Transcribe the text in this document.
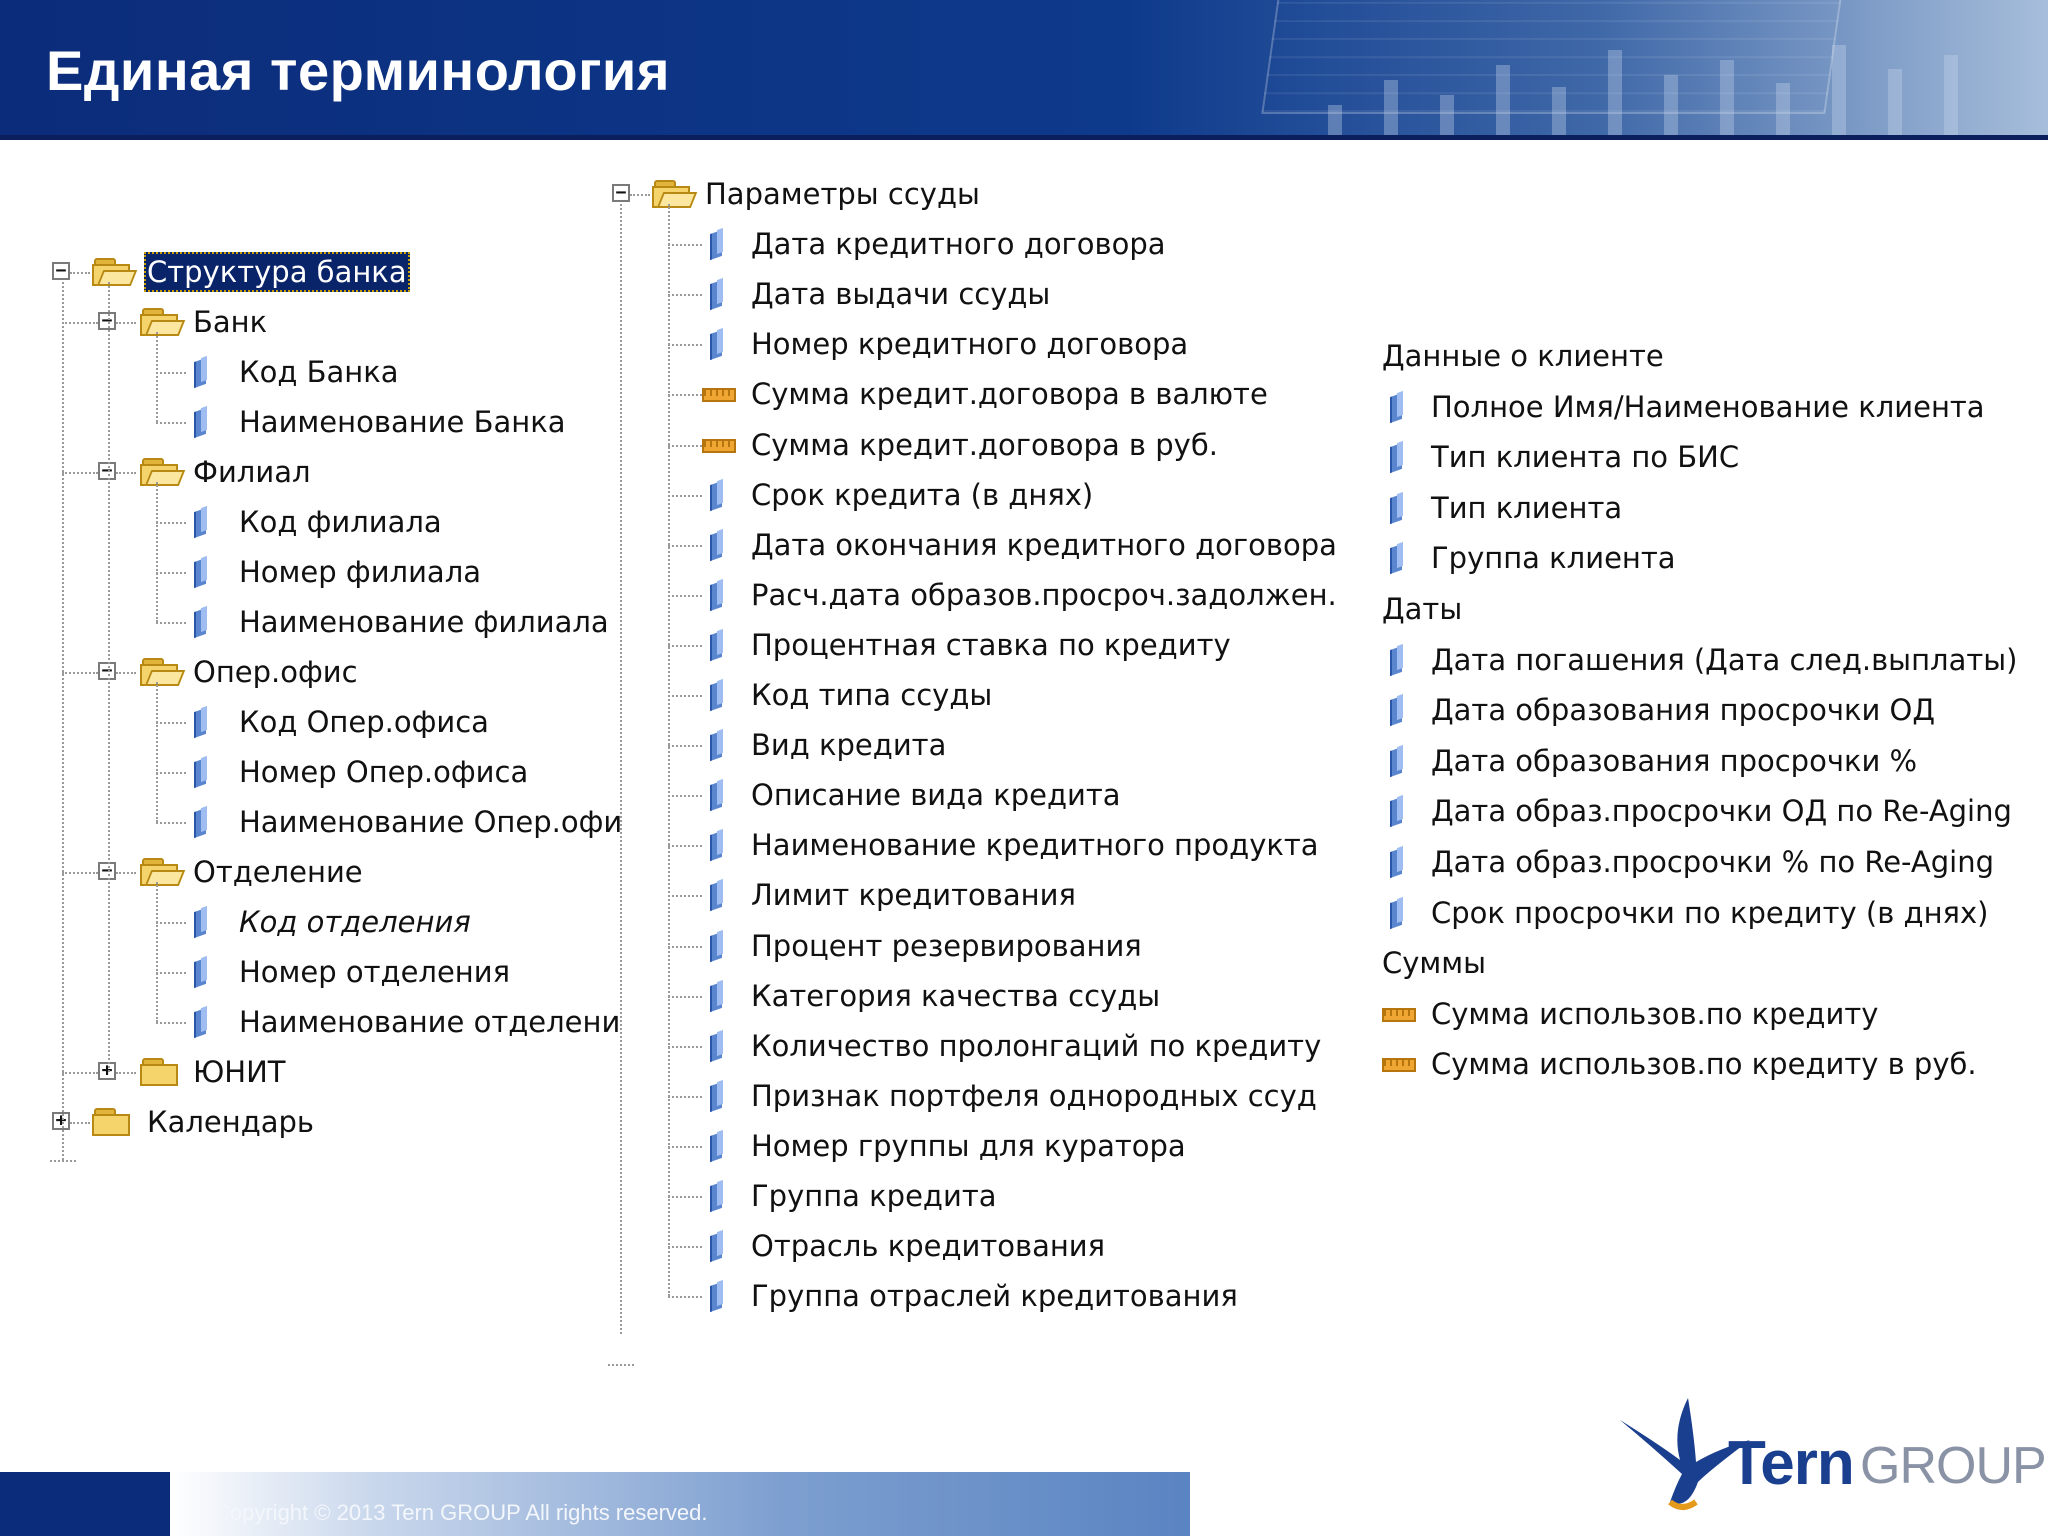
Единая терминология
−	Структура банка
−	Банк
Код Банка
Наименование Банка
−	Филиал
Код филиала
Номер филиала
Наименование филиала
−	Опер.офис
Код Опер.офиса
Номер Опер.офиса
Наименование Опер.офи
−	Отделение
Код отделения
Номер отделения
Наименование отделени
+	ЮНИТ
+	Календарь
−	Параметры ссуды
Дата кредитного договора
Дата выдачи ссуды
Номер кредитного договора
Сумма кредит.договора в валюте
Сумма кредит.договора в руб.
Срок кредита (в днях)
Дата окончания кредитного договора
Расч.дата образов.просроч.задолжен.
Процентная ставка по кредиту
Код типа ссуды
Вид кредита
Описание вида кредита
Наименование кредитного продукта
Лимит кредитования
Процент резервирования
Категория качества ссуды
Количество пролонгаций по кредиту
Признак портфеля однородных ссуд
Номер группы для куратора
Группа кредита
Отрасль кредитования
Группа отраслей кредитования
Данные о клиенте
Полное Имя/Наименование клиента
Тип клиента по БИС
Тип клиента
Группа клиента
Даты
Дата погашения (Дата след.выплаты)
Дата образования просрочки ОД
Дата образования просрочки %
Дата образ.просрочки ОД по Re-Aging
Дата образ.просрочки % по Re-Aging
Срок просрочки по кредиту (в днях)
Суммы
Сумма использов.по кредиту
Сумма использов.по кредиту в руб.
Copyright © 2013 Tern GROUP All rights reserved.
Tern GROUP
